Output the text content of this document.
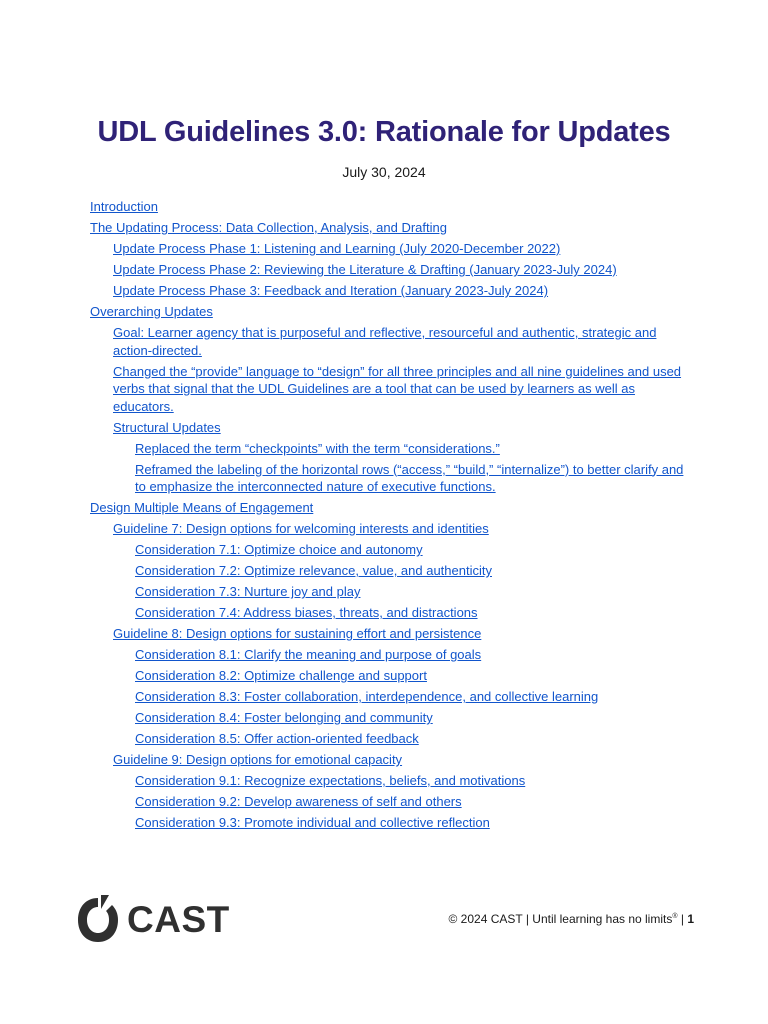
UDL Guidelines 3.0: Rationale for Updates
July 30, 2024
Introduction
The Updating Process: Data Collection, Analysis, and Drafting
Update Process Phase 1: Listening and Learning (July 2020-December 2022)
Update Process Phase 2: Reviewing the Literature & Drafting (January 2023-July 2024)
Update Process Phase 3: Feedback and Iteration (January 2023-July 2024)
Overarching Updates
Goal: Learner agency that is purposeful and reflective, resourceful and authentic, strategic and action-directed.
Changed the “provide” language to “design” for all three principles and all nine guidelines and used verbs that signal that the UDL Guidelines are a tool that can be used by learners as well as educators.
Structural Updates
Replaced the term “checkpoints” with the term “considerations.”
Reframed the labeling of the horizontal rows (“access,” “build,” “internalize”) to better clarify and to emphasize the interconnected nature of executive functions.
Design Multiple Means of Engagement
Guideline 7: Design options for welcoming interests and identities
Consideration 7.1: Optimize choice and autonomy
Consideration 7.2: Optimize relevance, value, and authenticity
Consideration 7.3: Nurture joy and play
Consideration 7.4: Address biases, threats, and distractions
Guideline 8: Design options for sustaining effort and persistence
Consideration 8.1: Clarify the meaning and purpose of goals
Consideration 8.2: Optimize challenge and support
Consideration 8.3: Foster collaboration, interdependence, and collective learning
Consideration 8.4: Foster belonging and community
Consideration 8.5: Offer action-oriented feedback
Guideline 9: Design options for emotional capacity
Consideration 9.1: Recognize expectations, beliefs, and motivations
Consideration 9.2: Develop awareness of self and others
Consideration 9.3: Promote individual and collective reflection
CAST	© 2024 CAST | Until learning has no limits® | 1
